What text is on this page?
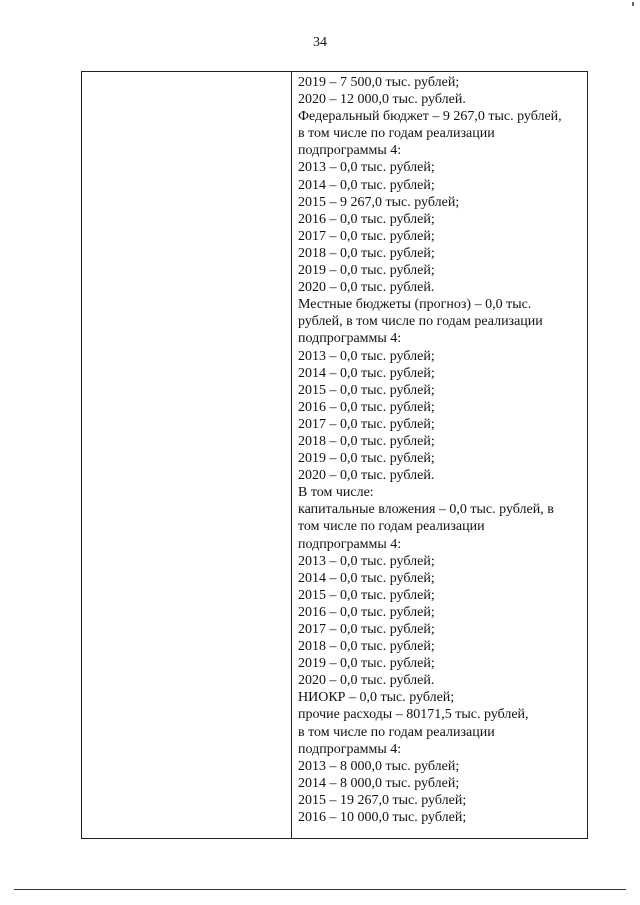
34
2019 – 7 500,0 тыс. рублей;
2020 – 12 000,0 тыс. рублей.
Федеральный бюджет – 9 267,0 тыс. рублей,
в том числе по годам реализации
подпрограммы 4:
2013 – 0,0 тыс. рублей;
2014 – 0,0 тыс. рублей;
2015 – 9 267,0 тыс. рублей;
2016 – 0,0 тыс. рублей;
2017 – 0,0 тыс. рублей;
2018 – 0,0 тыс. рублей;
2019 – 0,0 тыс. рублей;
2020 – 0,0 тыс. рублей.
Местные бюджеты (прогноз) – 0,0 тыс.
рублей, в том числе по годам реализации
подпрограммы 4:
2013 – 0,0 тыс. рублей;
2014 – 0,0 тыс. рублей;
2015 – 0,0 тыс. рублей;
2016 – 0,0 тыс. рублей;
2017 – 0,0 тыс. рублей;
2018 – 0,0 тыс. рублей;
2019 – 0,0 тыс. рублей;
2020 – 0,0 тыс. рублей.
В том числе:
капитальные вложения – 0,0 тыс. рублей, в
том числе по годам реализации
подпрограммы 4:
2013 – 0,0 тыс. рублей;
2014 – 0,0 тыс. рублей;
2015 – 0,0 тыс. рублей;
2016 – 0,0 тыс. рублей;
2017 – 0,0 тыс. рублей;
2018 – 0,0 тыс. рублей;
2019 – 0,0 тыс. рублей;
2020 – 0,0 тыс. рублей.
НИОКР – 0,0 тыс. рублей;
прочие расходы – 80171,5 тыс. рублей,
в том числе по годам реализации
подпрограммы 4:
2013 – 8 000,0 тыс. рублей;
2014 – 8 000,0 тыс. рублей;
2015 – 19 267,0 тыс. рублей;
2016 – 10 000,0 тыс. рублей;
